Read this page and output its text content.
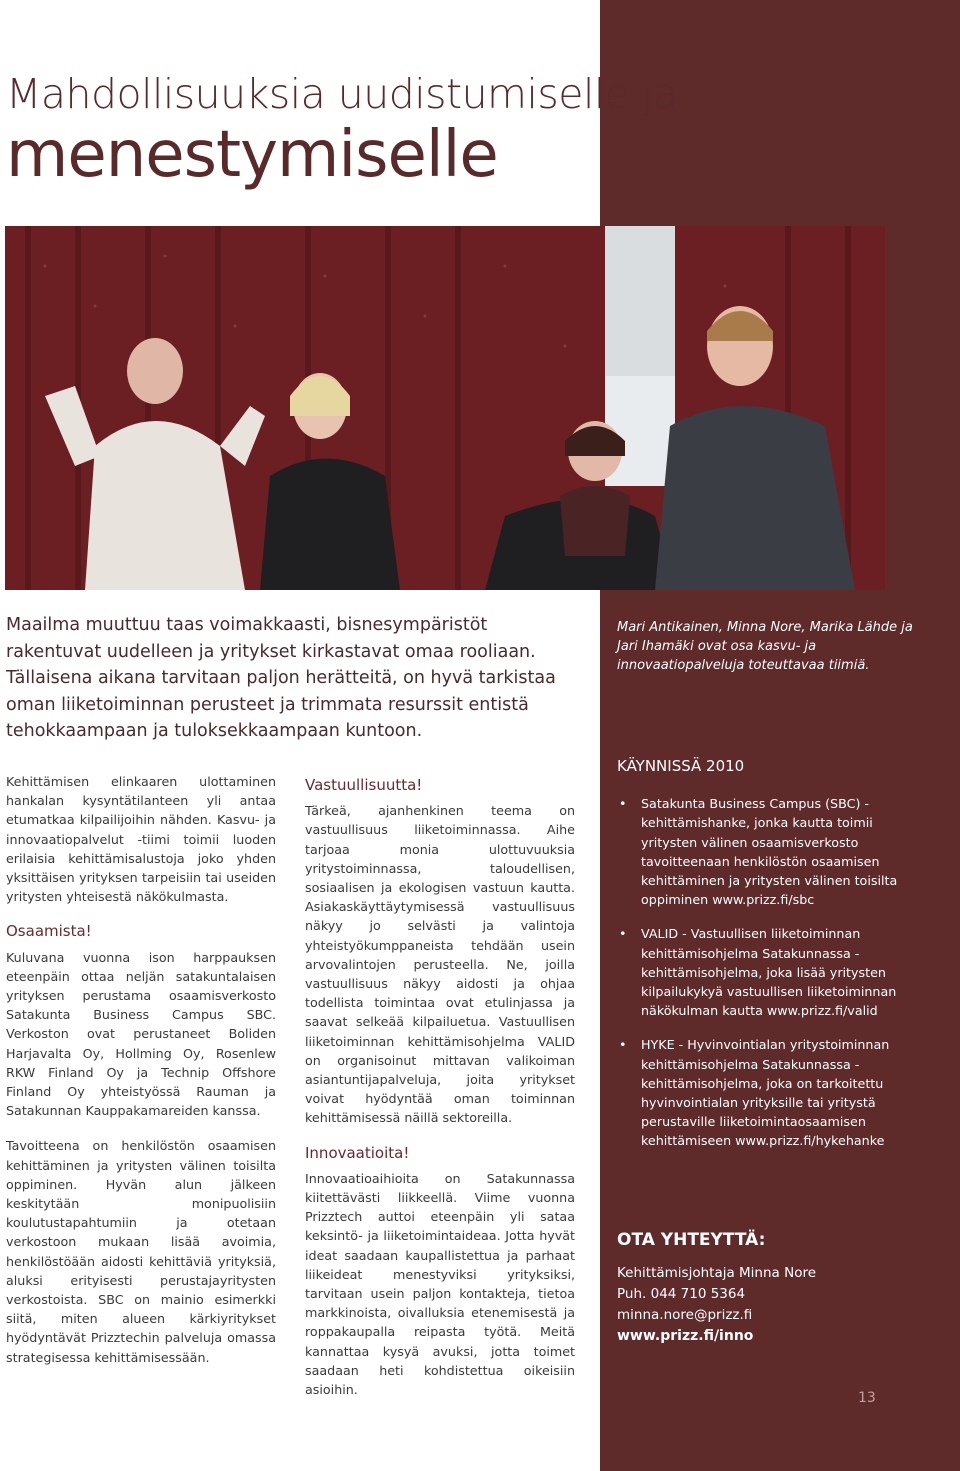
Mahdollisuuksia uudistumiselle ja
menestymiselle
Maailma muuttuu taas voimakkaasti, bisnesympäristöt rakentuvat uudelleen ja yritykset kirkastavat omaa rooliaan. Tällaisena aikana tarvitaan paljon herätteitä, on hyvä tarkistaa oman liiketoiminnan perusteet ja trimmata resurssit entistä tehokkaampaan ja tuloksekkaampaan kuntoon.

Kehittämisen elinkaaren ulottaminen hankalan kysyntätilanteen yli antaa etumatkaa kilpailijoihin nähden. Kasvu- ja innovaatiopalvelut -tiimi toimii luoden erilaisia kehittämisalustoja joko yhden yksittäisen yrityksen tarpeisiin tai useiden yritysten yhteisestä näkökulmasta.

Osaamista!

Kuluvana vuonna ison harppauksen eteenpäin ottaa neljän satakuntalaisen yrityksen perustama osaamisverkosto Satakunta Business Campus SBC. Verkoston ovat perustaneet Boliden Harjavalta Oy, Hollming Oy, Rosenlew RKW Finland Oy ja Technip Offshore Finland Oy yhteistyössä Rauman ja Satakunnan Kauppakamareiden kanssa.

Tavoitteena on henkilöstön osaamisen kehittäminen ja yritysten välinen toisilta oppiminen. Hyvän alun jälkeen keskitytään monipuolisiin koulutustapahtumiin ja otetaan verkostoon mukaan lisää avoimia, henkilöstöään aidosti kehittäviä yrityksiä, aluksi erityisesti perustajayritysten verkostoista. SBC on mainio esimerkki siitä, miten alueen kärkiyritykset hyödyntävät Prizztechin palveluja omassa strategisessa kehittämisessään.

Vastuullisuutta!

Tärkeä, ajanhenkinen teema on vastuullisuus liiketoiminnassa. Aihe tarjoaa monia ulottuvuuksia yritystoiminnassa, taloudellisen, sosiaalisen ja ekologisen vastuun kautta. Asiakaskäyttäytymisessä vastuullisuus näkyy jo selvästi ja valintoja yhteistyökumppaneista tehdään usein arvovalintojen perusteella. Ne, joilla vastuullisuus näkyy aidosti ja ohjaa todellista toimintaa ovat etulinjassa ja saavat selkeää kilpailuetua. Vastuullisen liiketoiminnan kehittämisohjelma VALID on organisoinut mittavan valikoiman asiantuntijapalveluja, joita yritykset voivat hyödyntää oman toiminnan kehittämisessä näillä sektoreilla.

Innovaatioita!

Innovaatioaihioita on Satakunnassa kiitettävästi liikkeellä. Viime vuonna Prizztech auttoi eteenpäin yli sataa keksintö- ja liiketoimintaideaa. Jotta hyvät ideat saadaan kaupallistettua ja parhaat liikeideat menestyviksi yrityksiksi, tarvitaan usein paljon kontakteja, tietoa markkinoista, oivalluksia etenemisestä ja roppakaupalla reipasta työtä. Meitä kannattaa kysyä avuksi, jotta toimet saadaan heti kohdistettua oikeisiin asioihin.

Mari Antikainen, Minna Nore, Marika Lähde ja Jari Ihamäki ovat osa kasvu- ja innovaatiopalveluja toteuttavaa tiimiä.
KÄYNNISSÄ 2010
• Satakunta Business Campus (SBC) - kehittämishanke, jonka kautta toimii yritysten välinen osaamisverkosto tavoitteenaan henkilöstön osaamisen kehittäminen ja yritysten välinen toisilta oppiminen www.prizz.fi/sbc
• VALID - Vastuullisen liiketoiminnan kehittämisohjelma Satakunnassa - kehittämisohjelma, joka lisää yritysten kilpailukykyä vastuullisen liiketoiminnan näkökulman kautta www.prizz.fi/valid
• HYKE - Hyvinvointialan yritystoiminnan kehittämisohjelma Satakunnassa - kehittämisohjelma, joka on tarkoitettu hyvinvointialan yrityksille tai yritystä perustaville liiketoimintaosaamisen kehittämiseen www.prizz.fi/hykehanke
OTA YHTEYTTÄ:
Kehittämisjohtaja Minna Nore
Puh. 044 710 5364
minna.nore@prizz.fi
www.prizz.fi/inno
13
